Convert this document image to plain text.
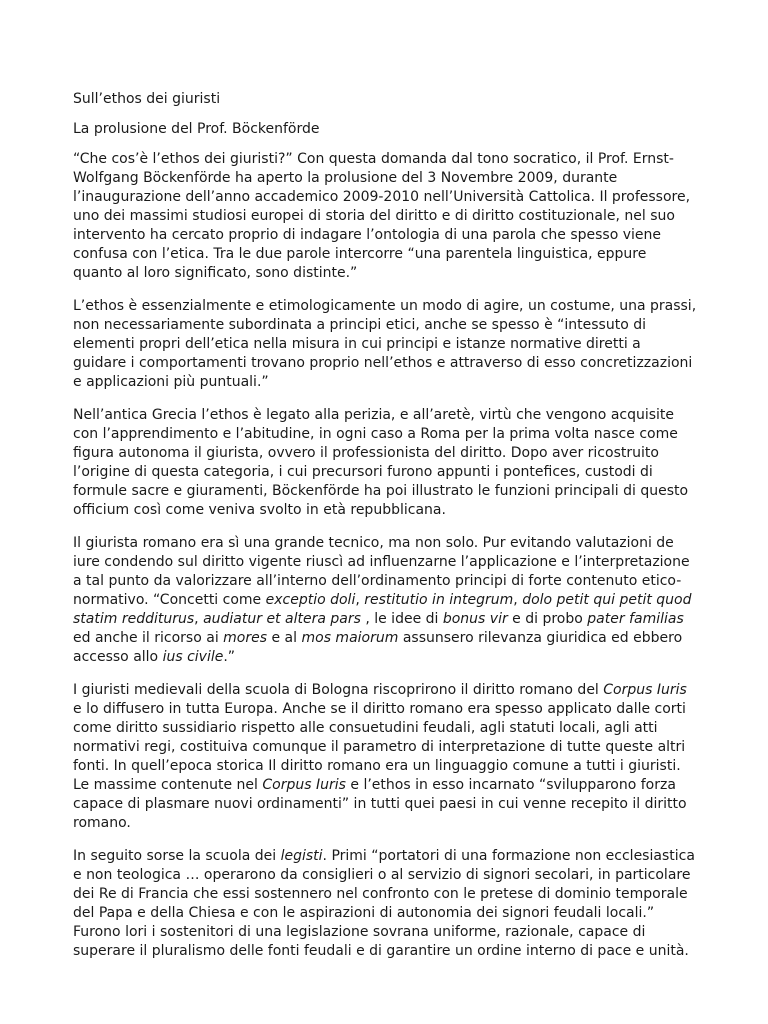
Sull’ethos dei giuristi

La prolusione del Prof. Böckenförde

“Che cos’è l’ethos dei giuristi?” Con questa domanda dal tono socratico, il Prof. Ernst-Wolfgang Böckenförde ha aperto la prolusione del 3 Novembre 2009, durante l’inaugurazione dell’anno accademico 2009-2010 nell’Università Cattolica. Il professore, uno dei massimi studiosi europei di storia del diritto e di diritto costituzionale, nel suo intervento ha cercato proprio di indagare l’ontologia di una parola che spesso viene confusa con l’etica. Tra le due parole intercorre “una parentela linguistica, eppure quanto al loro significato, sono distinte.”

L’ethos è essenzialmente e etimologicamente un modo di agire, un costume, una prassi, non necessariamente subordinata a principi etici, anche se spesso è “intessuto di elementi propri dell’etica nella misura in cui principi e istanze normative diretti a guidare i comportamenti trovano proprio nell’ethos e attraverso di esso concretizzazioni e applicazioni più puntuali.”

Nell’antica Grecia l’ethos è legato alla perizia, e all’aretè, virtù che vengono acquisite con l’apprendimento e l’abitudine, in ogni caso a Roma per la prima volta nasce come figura autonoma il giurista, ovvero il professionista del diritto. Dopo aver ricostruito l’origine di questa categoria, i cui precursori furono appunti i pontefices, custodi di formule sacre e giuramenti, Böckenförde ha poi illustrato le funzioni principali di questo officium così come veniva svolto in età repubblicana.

Il giurista romano era sì una grande tecnico, ma non solo. Pur evitando valutazioni de iure condendo sul diritto vigente riuscì ad influenzarne l’applicazione e l’interpretazione a tal punto da valorizzare all’interno dell’ordinamento principi di forte contenuto etico- normativo. “Concetti come exceptio doli, restitutio in integrum, dolo petit qui petit quod statim redditurus, audiatur et altera pars , le idee di bonus vir e di probo pater familias ed anche il ricorso ai mores e al mos maiorum assunsero rilevanza giuridica ed ebbero accesso allo ius civile.”

I giuristi medievali della scuola di Bologna riscoprirono il diritto romano del Corpus Iuris e lo diffusero in tutta Europa. Anche se il diritto romano era spesso applicato dalle corti come diritto sussidiario rispetto alle consuetudini feudali, agli statuti locali, agli atti normativi regi, costituiva comunque il parametro di interpretazione di tutte queste altri fonti. In quell’epoca storica Il diritto romano era un linguaggio comune a tutti i giuristi. Le massime contenute nel Corpus Iuris e l’ethos in esso incarnato “svilupparono forza capace di plasmare nuovi ordinamenti” in tutti quei paesi in cui venne recepito il diritto romano.

In seguito sorse la scuola dei legisti. Primi “portatori di una formazione non ecclesiastica e non teologica … operarono da consiglieri o al servizio di signori secolari, in particolare dei Re di Francia che essi sostennero nel confronto con le pretese di dominio temporale del Papa e della Chiesa e con le aspirazioni di autonomia dei signori feudali locali.” Furono lori i sostenitori di una legislazione sovrana uniforme, razionale, capace di superare il pluralismo delle fonti feudali e di garantire un ordine interno di pace e unità.
